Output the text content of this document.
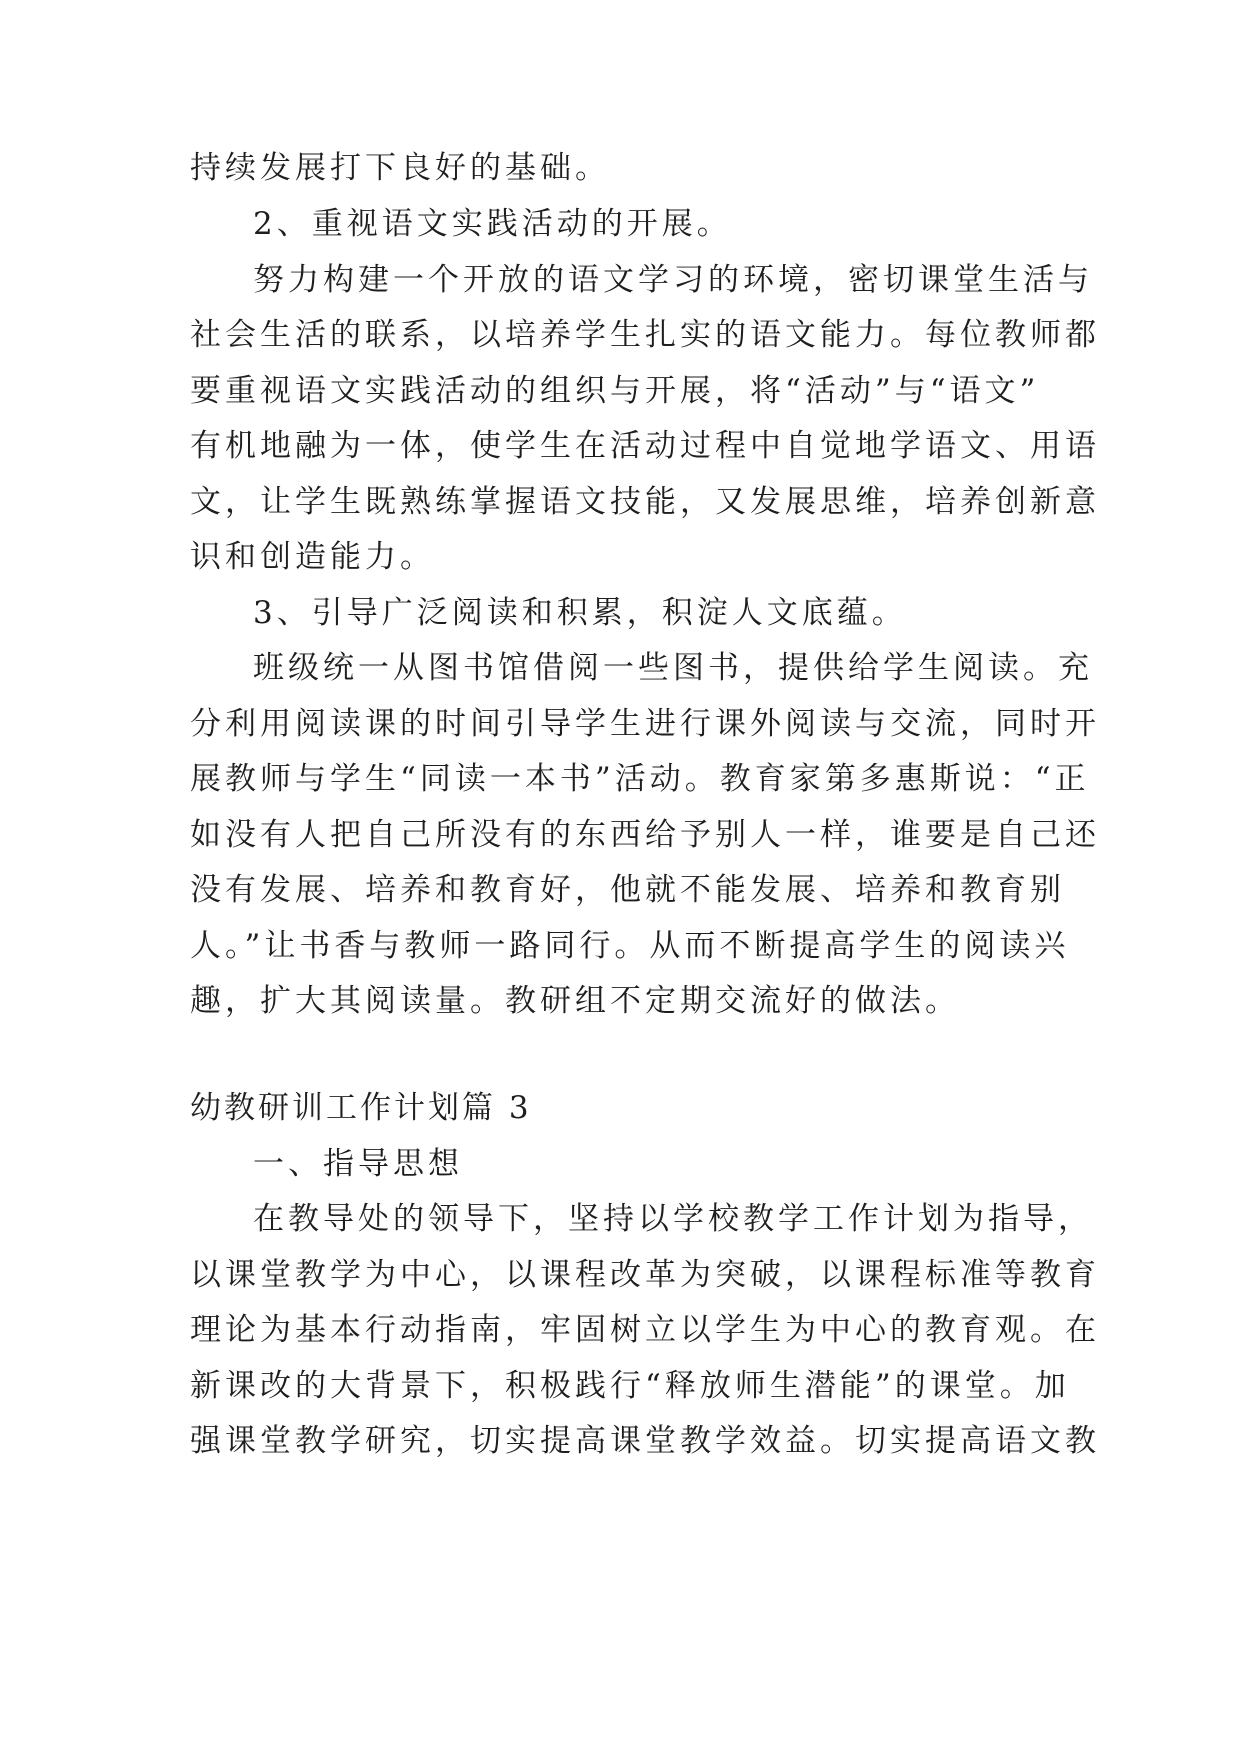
持续发展打下良好的基础。
2、重视语文实践活动的开展。
努力构建一个开放的语文学习的环境，密切课堂生活与
社会生活的联系，以培养学生扎实的语文能力。每位教师都
要重视语文实践活动的组织与开展，将“活动”与“语文”
有机地融为一体，使学生在活动过程中自觉地学语文、用语
文，让学生既熟练掌握语文技能，又发展思维，培养创新意
识和创造能力。
3、引导广泛阅读和积累，积淀人文底蕴。
班级统一从图书馆借阅一些图书，提供给学生阅读。充
分利用阅读课的时间引导学生进行课外阅读与交流，同时开
展教师与学生“同读一本书”活动。教育家第多惠斯说：“正
如没有人把自己所没有的东西给予别人一样，谁要是自己还
没有发展、培养和教育好，他就不能发展、培养和教育别
人。”让书香与教师一路同行。从而不断提高学生的阅读兴
趣，扩大其阅读量。教研组不定期交流好的做法。
幼教研训工作计划篇 3
一、指导思想
在教导处的领导下，坚持以学校教学工作计划为指导，
以课堂教学为中心，以课程改革为突破，以课程标准等教育
理论为基本行动指南，牢固树立以学生为中心的教育观。在
新课改的大背景下，积极践行“释放师生潜能”的课堂。加
强课堂教学研究，切实提高课堂教学效益。切实提高语文教
